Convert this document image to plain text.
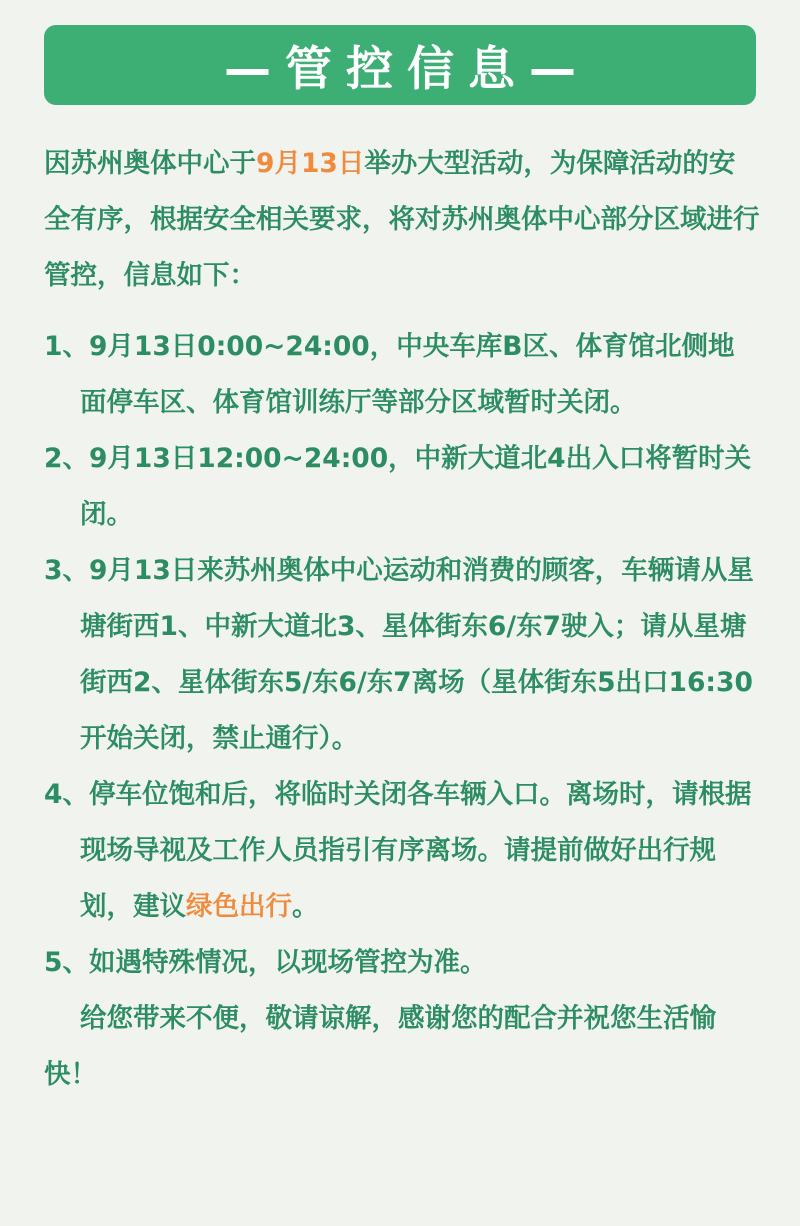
—管控信息—

因苏州奥体中心于9月13日举办大型活动，为保障活动的安全有序，根据安全相关要求，将对苏州奥体中心部分区域进行管控，信息如下：

1、9月13日0:00~24:00，中央车库B区、体育馆北侧地面停车区、体育馆训练厅等部分区域暂时关闭。

2、9月13日12:00~24:00，中新大道北4出入口将暂时关闭。

3、9月13日来苏州奥体中心运动和消费的顾客，车辆请从星塘街西1、中新大道北3、星体街东6/东7驶入；请从星塘街西2、星体街东5/东6/东7离场（星体街东5出口16:30开始关闭，禁止通行）。

4、停车位饱和后，将临时关闭各车辆入口。离场时，请根据现场导视及工作人员指引有序离场。请提前做好出行规划，建议绿色出行。

5、如遇特殊情况，以现场管控为准。

给您带来不便，敬请谅解，感谢您的配合并祝您生活愉快！
